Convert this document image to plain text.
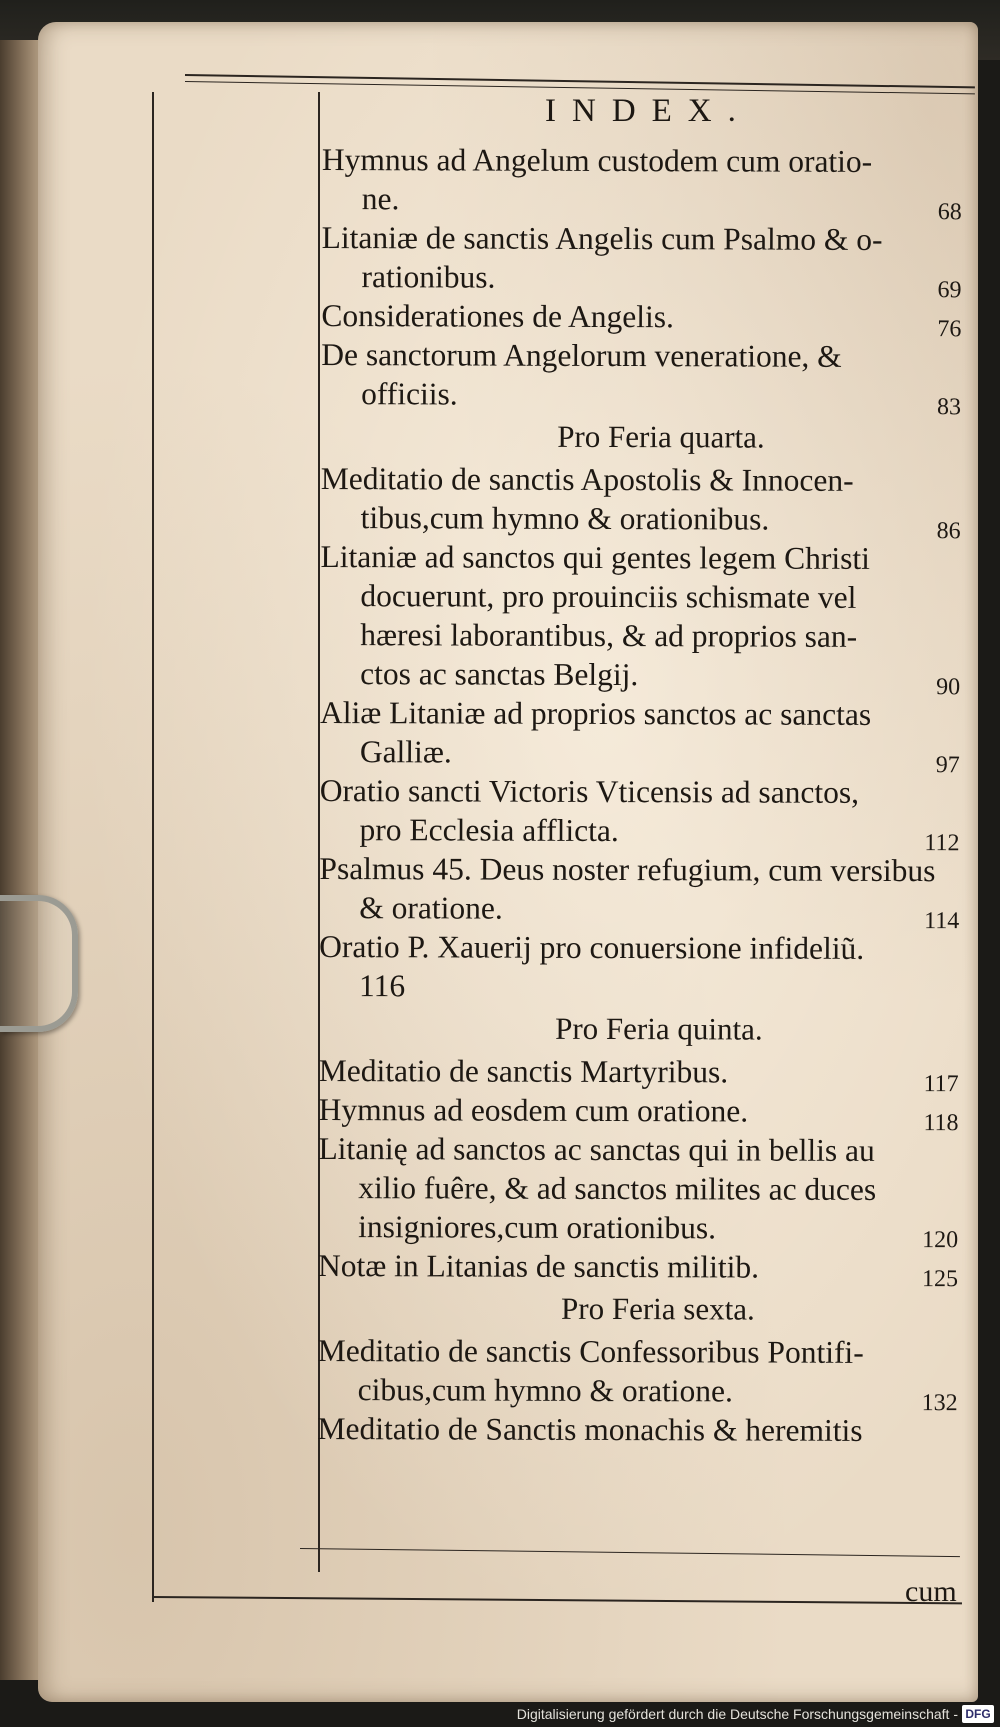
INDEX.
Hymnus ad Angelum custodem cum oratio-
ne.	68
Litaniæ de sanctis Angelis cum Psalmo & o-
rationibus.	69
Considerationes de Angelis.	76
De sanctorum Angelorum veneratione, &
officiis.	83
Pro Feria quarta.
Meditatio de sanctis Apostolis & Innocen-
tibus,cum hymno & orationibus.	86
Litaniæ ad sanctos qui gentes legem Christi
docuerunt, pro prouinciis schismate vel
hæresi laborantibus, & ad proprios san-
ctos ac sanctas Belgij.	90
Aliæ Litaniæ ad proprios sanctos ac sanctas
Galliæ.	97
Oratio sancti Victoris Vticensis ad sanctos,
pro Ecclesia afflicta.	112
Psalmus 45. Deus noster refugium, cum versibus
& oratione.	114
Oratio P. Xauerij pro conuersione infideliũ.
116
Pro Feria quinta.
Meditatio de sanctis Martyribus.	117
Hymnus ad eosdem cum oratione.	118
Litanię ad sanctos ac sanctas qui in bellis au
xilio fuêre, & ad sanctos milites ac duces
insigniores,cum orationibus.	120
Notæ in Litanias de sanctis militib.	125
Pro Feria sexta.
Meditatio de sanctis Confessoribus Pontifi-
cibus,cum hymno & oratione.	132
Meditatio de Sanctis monachis & heremitis
cum
Digitalisierung gefördert durch die Deutsche Forschungsgemeinschaft - DFG
